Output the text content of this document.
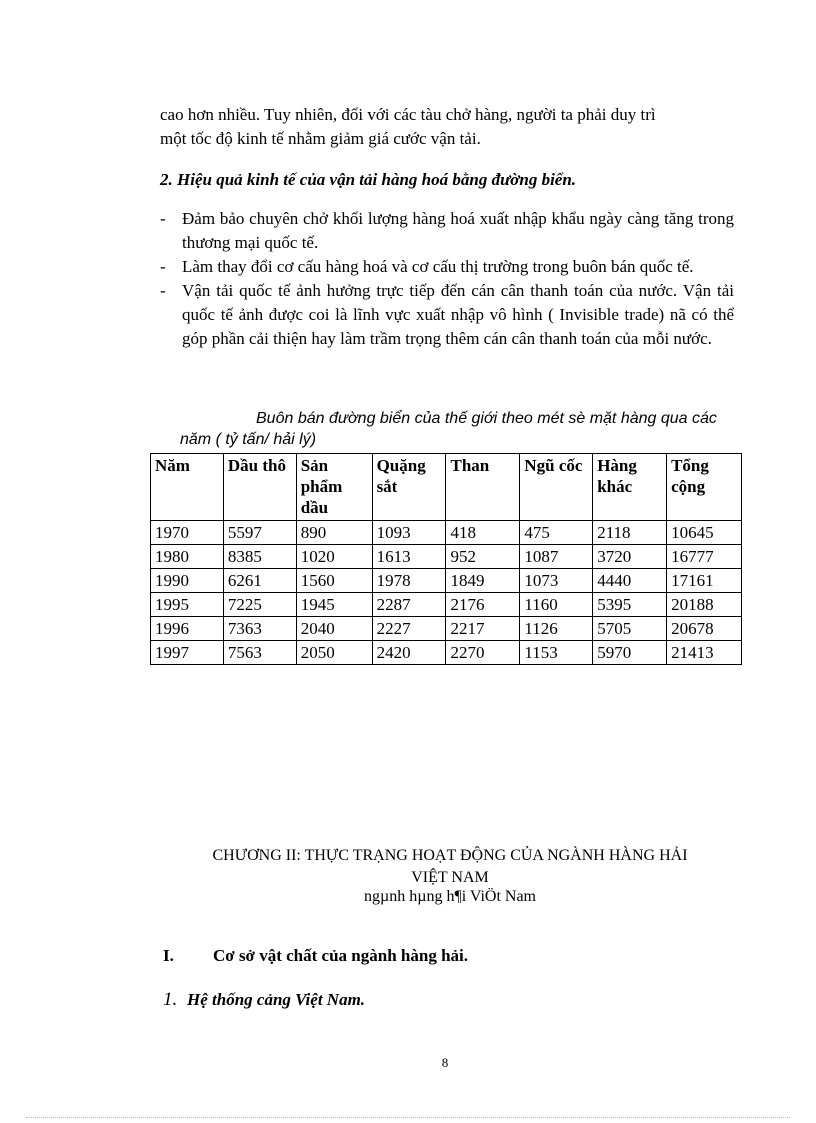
cao hơn nhiều. Tuy nhiên, đối với các tàu chở hàng, người ta phải duy trì
một tốc độ kinh tế nhằm giảm giá cước vận tải.

2. Hiệu quả kinh tế của vận tải hàng hoá bằng đường biển.

- Đảm bảo chuyên chở khối lượng hàng hoá xuất nhập khẩu ngày càng tăng trong thương mại quốc tế.
- Làm thay đổi cơ cấu hàng hoá và cơ cấu thị trường trong buôn bán quốc tế.
- Vận tải quốc tế ảnh hưởng trực tiếp đến cán cân thanh toán của nước. Vận tải quốc tế ảnh được coi là lĩnh vực xuất nhập vô hình ( Invisible trade) nã có thể góp phần cải thiện hay làm trầm trọng thêm cán cân thanh toán của mỗi nước.

Buôn bán đường biển của thế giới theo mét sè mặt hàng qua các năm ( tỷ tấn/ hải lý)

Năm	Dầu thô	Sản phẩm dầu	Quặng sắt	Than	Ngũ cốc	Hàng khác	Tổng cộng
1970	5597	890	1093	418	475	2118	10645
1980	8385	1020	1613	952	1087	3720	16777
1990	6261	1560	1978	1849	1073	4440	17161
1995	7225	1945	2287	2176	1160	5395	20188
1996	7363	2040	2227	2217	1126	5705	20678
1997	7563	2050	2420	2270	1153	5970	21413

CHƯƠNG II: THỰC TRẠNG HOẠT ĐỘNG CỦA NGÀNH HÀNG HẢI
VIỆT NAM

ngµnh hµng h¶i ViÖt Nam

I. Cơ sở vật chất của ngành hàng hải.

1. Hệ thống cảng Việt Nam.

8
